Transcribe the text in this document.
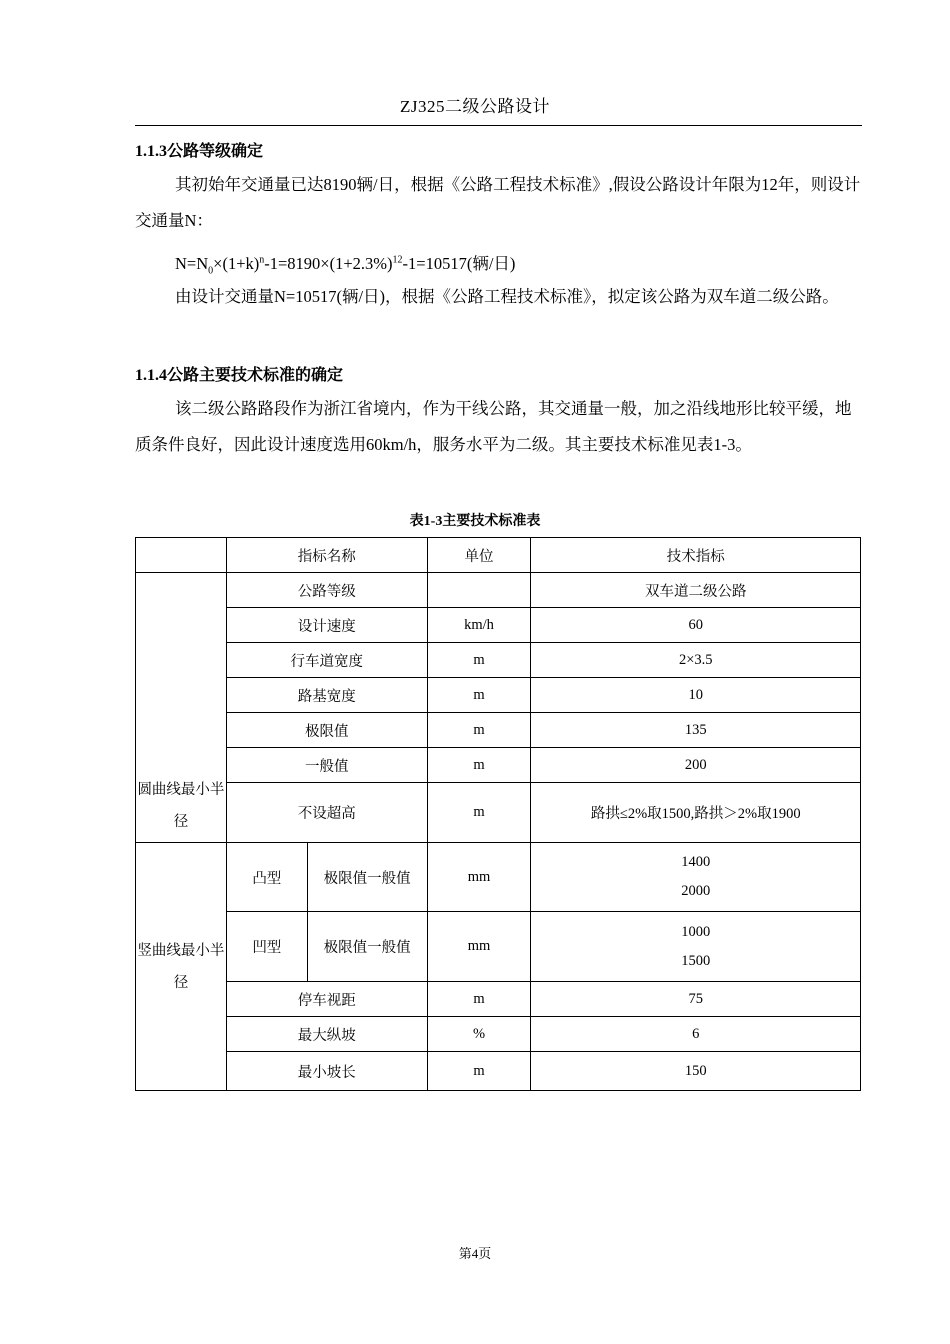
ZJ325二级公路设计
1.1.3公路等级确定
其初始年交通量已达8190辆/日，根据《公路工程技术标准》,假设公路设计年限为12年，则设计交通量N：
$N=N_0\times(1+k)^n-1=8190\times(1+2.3\%)^{12}-1=10517$(辆/日)
由设计交通量N=10517(辆/日)，根据《公路工程技术标准》，拟定该公路为双车道二级公路。
1.1.4公路主要技术标准的确定
该二级公路路段作为浙江省境内，作为干线公路，其交通量一般，加之沿线地形比较平缓，地质条件良好，因此设计速度选用60km/h，服务水平为二级。其主要技术标准见表1-3。
表1-3主要技术标准表
	指标名称		单位	技术指标
圆曲线最小半径	公路等级			双车道二级公路
	设计速度		km/h	60
	行车道宽度		m	2×3.5
	路基宽度		m	10
	极限值		m	135
	一般值		m	200
	不设超高		m	路拱≤2%取1500,路拱＞2%取1900
竖曲线最小半径	凸型	极限值一般值	mm	1400
2000

	凹型	极限值一般值	mm	1000
1500

	停车视距		m	75
	最大纵坡		%	6
	最小坡长		m	150
第4页
